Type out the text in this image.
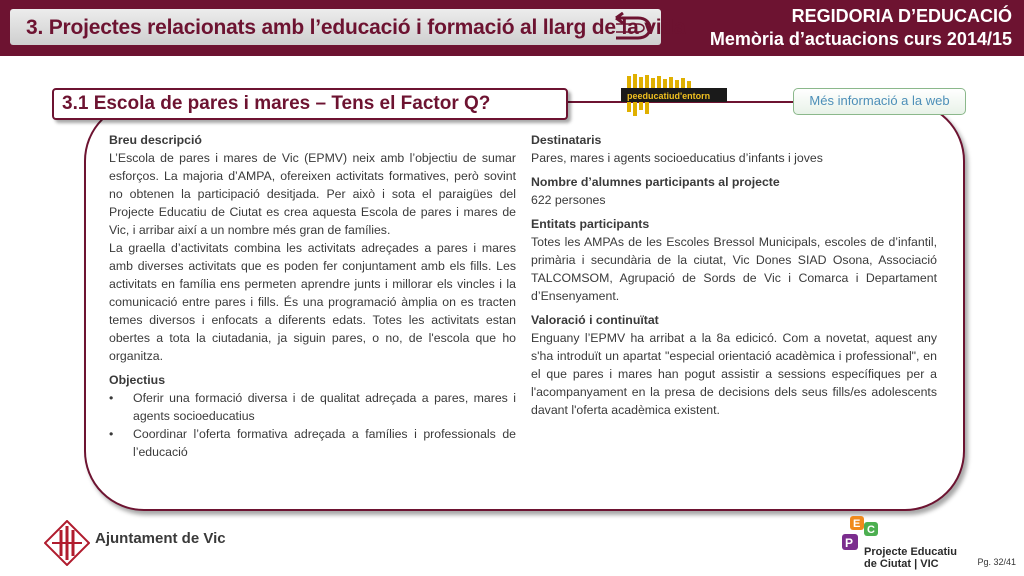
3. Projectes relacionats amb l’educació i formació al llarg de la vida	REGIDORIA D’EDUCACIÓ
Memòria d’actuacions curs 2014/15
3.1 Escola de pares i mares – Tens el Factor Q?	peeducatiud'entorn	Més informació a la web
Breu descripció
L’Escola de pares i mares de Vic (EPMV) neix amb l’objectiu de sumar esforços. La majoria d’AMPA, ofereixen activitats formatives, però sovint no obtenen la participació desitjada. Per això i sota el paraigües del Projecte Educatiu de Ciutat es crea aquesta Escola de pares i mares de Vic, i arribar així a un nombre més gran de famílies.
La graella d’activitats combina les activitats adreçades a pares i mares amb diverses activitats que es poden fer conjuntament amb els fills. Les activitats en família ens permeten aprendre junts i millorar els vincles i la comunicació entre pares i fills. És una programació àmplia on es tracten temes diversos i enfocats a diferents edats. Totes les activitats estan obertes a tota la ciutadania, ja siguin pares, o no, de l'escola que ho organitza.
Objectius
• Oferir una formació diversa i de qualitat adreçada a pares, mares i agents socioeducatius
• Coordinar l’oferta formativa adreçada a famílies i professionals de l’educació
Destinataris
Pares, mares i agents socioeducatius d’infants i joves
Nombre d’alumnes participants al projecte
622 persones
Entitats participants
Totes les AMPAs de les Escoles Bressol Municipals, escoles de d’infantil, primària i secundària de la ciutat, Vic Dones SIAD Osona, Associació TALCOMSOM, Agrupació de Sords de Vic i Comarca i Departament d’Ensenyament.
Valoració i continuïtat
Enguany l’EPMV ha arribat a la 8a edicicó. Com a novetat, aquest any s'ha introduït un apartat "especial orientació acadèmica i professional", en el que pares i mares han pogut assistir a sessions específiques per a l'acompanyament en la presa de decisions dels seus fills/es adolescents davant l'oferta acadèmica existent.
Ajuntament de Vic
E C
P
Projecte Educatiu
de Ciutat | VIC	Pg. 32/41
